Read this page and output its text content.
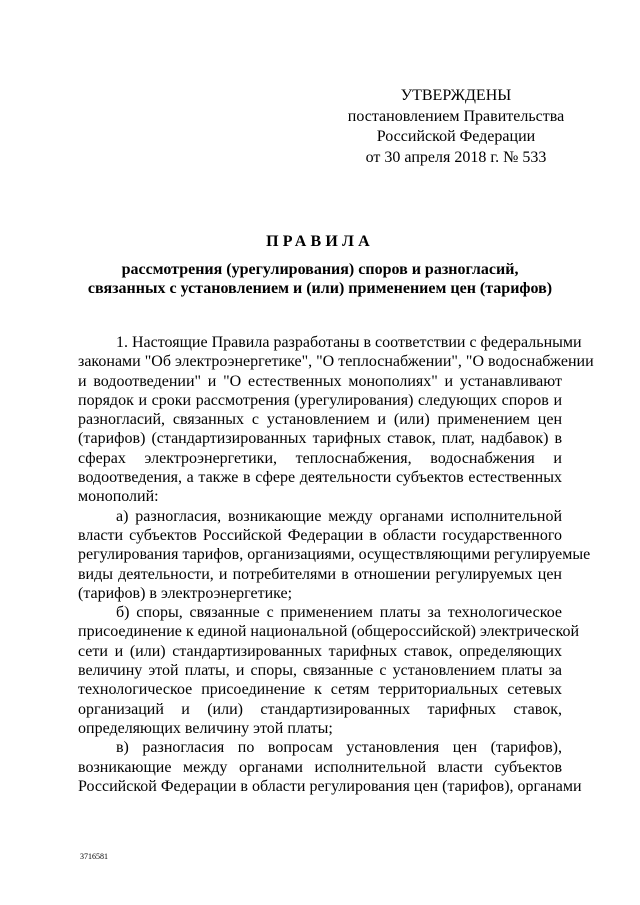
УТВЕРЖДЕНЫ
постановлением Правительства
Российской Федерации
от 30 апреля 2018 г. № 533
ПРАВИЛА
рассмотрения (урегулирования) споров и разногласий,
связанных с установлением и (или) применением цен (тарифов)
1. Настоящие Правила разработаны в соответствии с федеральными
законами "Об электроэнергетике", "О теплоснабжении", "О водоснабжении
и водоотведении" и "О естественных монополиях" и устанавливают
порядок и сроки рассмотрения (урегулирования) следующих споров и
разногласий, связанных с установлением и (или) применением цен
(тарифов) (стандартизированных тарифных ставок, плат, надбавок) в
сферах электроэнергетики, теплоснабжения, водоснабжения и
водоотведения, а также в сфере деятельности субъектов естественных
монополий:
а) разногласия, возникающие между органами исполнительной
власти субъектов Российской Федерации в области государственного
регулирования тарифов, организациями, осуществляющими регулируемые
виды деятельности, и потребителями в отношении регулируемых цен
(тарифов) в электроэнергетике;
б) споры, связанные с применением платы за технологическое
присоединение к единой национальной (общероссийской) электрической
сети и (или) стандартизированных тарифных ставок, определяющих
величину этой платы, и споры, связанные с установлением платы за
технологическое присоединение к сетям территориальных сетевых
организаций и (или) стандартизированных тарифных ставок,
определяющих величину этой платы;
в) разногласия по вопросам установления цен (тарифов),
возникающие между органами исполнительной власти субъектов
Российской Федерации в области регулирования цен (тарифов), органами
3716581
